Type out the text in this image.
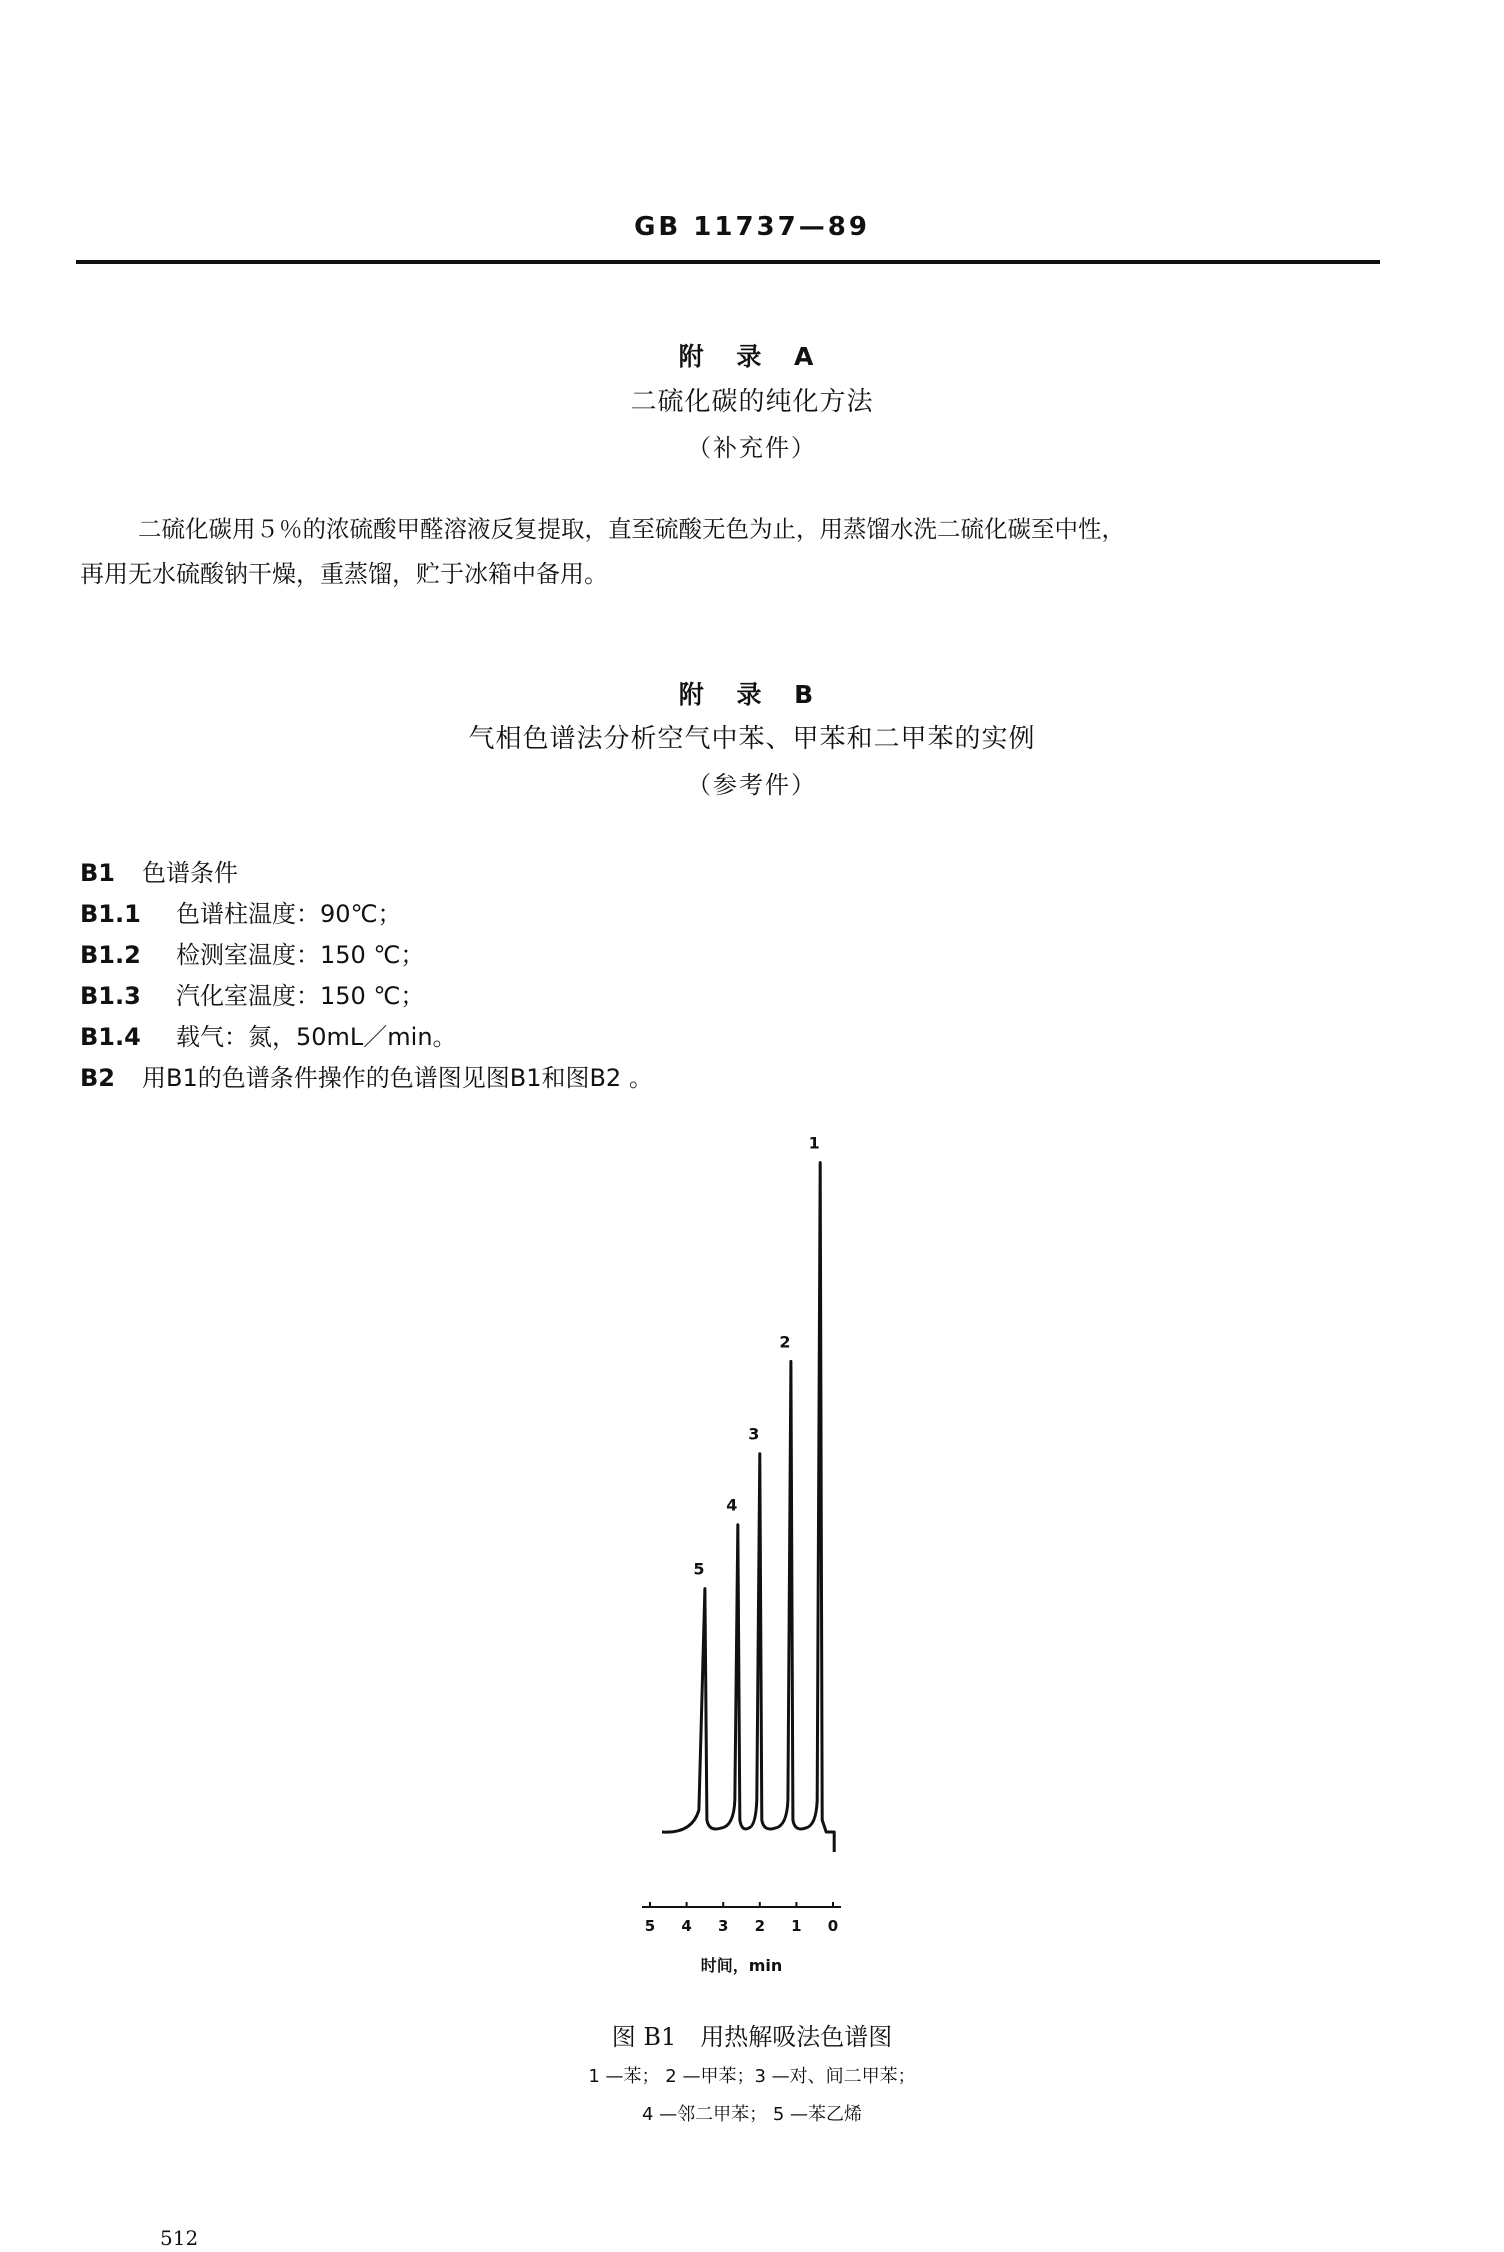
GB 11737—89
附 录 A
二硫化碳的纯化方法
（补充件）
二硫化碳用５％的浓硫酸甲醛溶液反复提取，直至硫酸无色为止，用蒸馏水洗二硫化碳至中性，
再用无水硫酸钠干燥，重蒸馏，贮于冰箱中备用。
附 录 B
气相色谱法分析空气中苯、甲苯和二甲苯的实例
（参考件）
B1 色谱条件
B1.1 色谱柱温度：90℃；
B1.2 检测室温度：150 ℃；
B1.3 汽化室温度：150 ℃；
B1.4 载气：氮，50mL／min。
B2 用B1的色谱条件操作的色谱图见图B1和图B2 。
1
2
3
4
5
5 4 3 2 1 0
时间，min
图 B1　用热解吸法色谱图
1 —苯； 2 —甲苯；3 —对、间二甲苯；
4 —邻二甲苯； 5 —苯乙烯
512
